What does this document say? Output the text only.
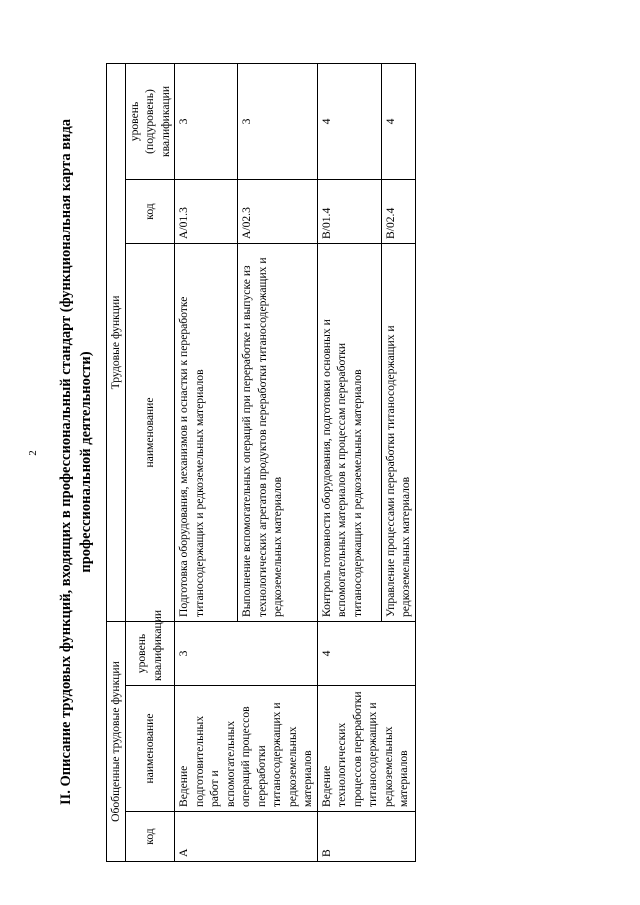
2 II. Описание трудовых функций, входящих в профессиональный стандарт (функциональная карта вида профессиональной деятельности)
Обобщенные трудовые функции			Трудовые функции		
код	наименование	уровень квалификации	наименование	код	уровень (подуровень) квалификации
A	Ведение подготовительных работ и вспомогательных операций процессов переработки титаносодержащих и редкоземельных материалов	3	Подготовка оборудования, механизмов и оснастки к переработке титаносодержащих и редкоземельных материалов	A/01.3	3
			Выполнение вспомогательных операций при переработке и выпуске из технологических агрегатов продуктов переработки титаносодержащих и редкоземельных материалов	A/02.3	3
B	Ведение технологических процессов переработки титаносодержащих и редкоземельных материалов	4	Контроль готовности оборудования, подготовки основных и вспомогательных материалов к процессам переработки титаносодержащих и редкоземельных материалов	B/01.4	4
			Управление процессами переработки титаносодержащих и редкоземельных материалов	B/02.4	4
